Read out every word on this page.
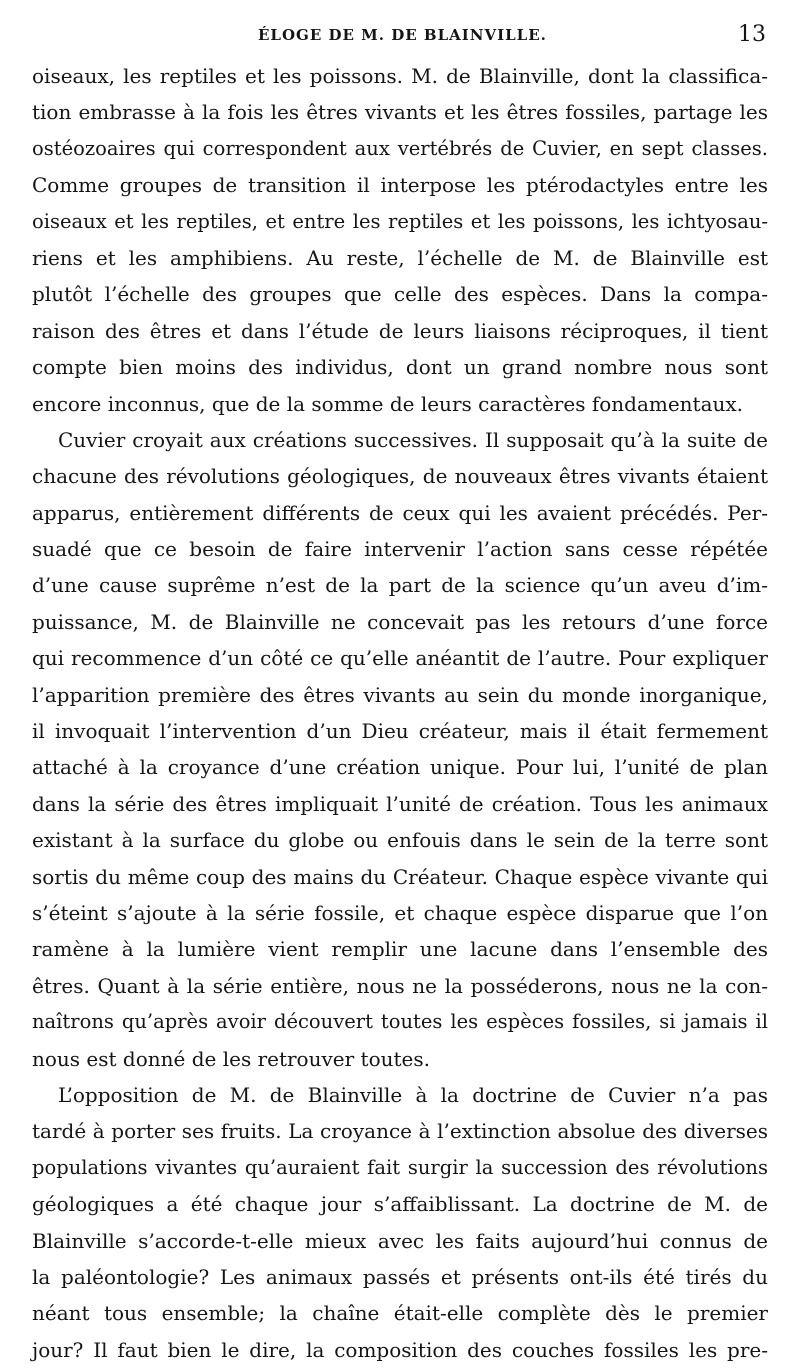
ÉLOGE DE M. DE BLAINVILLE.	13
oiseaux, les reptiles et les poissons. M. de Blainville, dont la classifica-
tion embrasse à la fois les êtres vivants et les êtres fossiles, partage les
ostéozoaires qui correspondent aux vertébrés de Cuvier, en sept classes.
Comme groupes de transition il interpose les ptérodactyles entre les
oiseaux et les reptiles, et entre les reptiles et les poissons, les ichtyosau-
riens et les amphibiens. Au reste, l’échelle de M. de Blainville est
plutôt l’échelle des groupes que celle des espèces. Dans la compa-
raison des êtres et dans l’étude de leurs liaisons réciproques, il tient
compte bien moins des individus, dont un grand nombre nous sont
encore inconnus, que de la somme de leurs caractères fondamentaux.
Cuvier croyait aux créations successives. Il supposait qu’à la suite de
chacune des révolutions géologiques, de nouveaux êtres vivants étaient
apparus, entièrement différents de ceux qui les avaient précédés. Per-
suadé que ce besoin de faire intervenir l’action sans cesse répétée
d’une cause suprême n’est de la part de la science qu’un aveu d’im-
puissance, M. de Blainville ne concevait pas les retours d’une force
qui recommence d’un côté ce qu’elle anéantit de l’autre. Pour expliquer
l’apparition première des êtres vivants au sein du monde inorganique,
il invoquait l’intervention d’un Dieu créateur, mais il était fermement
attaché à la croyance d’une création unique. Pour lui, l’unité de plan
dans la série des êtres impliquait l’unité de création. Tous les animaux
existant à la surface du globe ou enfouis dans le sein de la terre sont
sortis du même coup des mains du Créateur. Chaque espèce vivante qui
s’éteint s’ajoute à la série fossile, et chaque espèce disparue que l’on
ramène à la lumière vient remplir une lacune dans l’ensemble des
êtres. Quant à la série entière, nous ne la posséderons, nous ne la con-
naîtrons qu’après avoir découvert toutes les espèces fossiles, si jamais il
nous est donné de les retrouver toutes.
L’opposition de M. de Blainville à la doctrine de Cuvier n’a pas
tardé à porter ses fruits. La croyance à l’extinction absolue des diverses
populations vivantes qu’auraient fait surgir la succession des révolutions
géologiques a été chaque jour s’affaiblissant. La doctrine de M. de
Blainville s’accorde-t-elle mieux avec les faits aujourd’hui connus de
la paléontologie? Les animaux passés et présents ont-ils été tirés du
néant tous ensemble; la chaîne était-elle complète dès le premier
jour? Il faut bien le dire, la composition des couches fossiles les pre-
